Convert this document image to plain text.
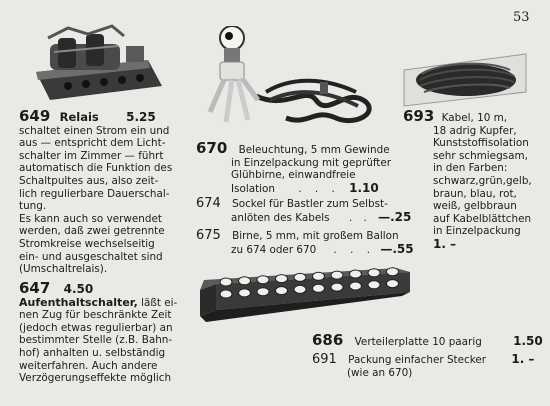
53
649 Relais 5.25
schaltet einen Strom ein und
aus — entspricht dem Licht-
schalter im Zimmer — führt
automatisch die Funktion des
Schaltpultes aus, also zeit-
lich regulierbare Dauerschal-
tung.
Es kann auch so verwendet
werden, daß zwei getrennte
Stromkreise wechselseitig
ein- und ausgeschaltet sind
(Umschaltrelais).
647 4.50
Aufenthaltschalter, läßt ei-
nen Zug für beschränkte Zeit
(jedoch etwas regulierbar) an
bestimmter Stelle (z.B. Bahn-
hof) anhalten u. selbständig
weiterfahren. Auch andere
Verzögerungseffekte möglich
670 Beleuchtung, 5 mm Gewinde
in Einzelpackung mit geprüfter
Glühbirne, einwandfreie
Isolation . . . 1.10
674 Sockel für Bastler zum Selbst-
anlöten des Kabels . . —.25
675 Birne, 5 mm, mit großem Ballon
zu 674 oder 670 . . . —.55
693 Kabel, 10 m,
18 adrig Kupfer,
Kunststoffisolation
sehr schmiegsam,
in den Farben:
schwarz,grün,gelb,
braun, blau, rot,
weiß, gelbbraun
auf Kabelblättchen
in Einzelpackung
1. –
686 Verteilerplatte 10 paarig	1.50
691 Packung einfacher Stecker 1. –
(wie an 670)
